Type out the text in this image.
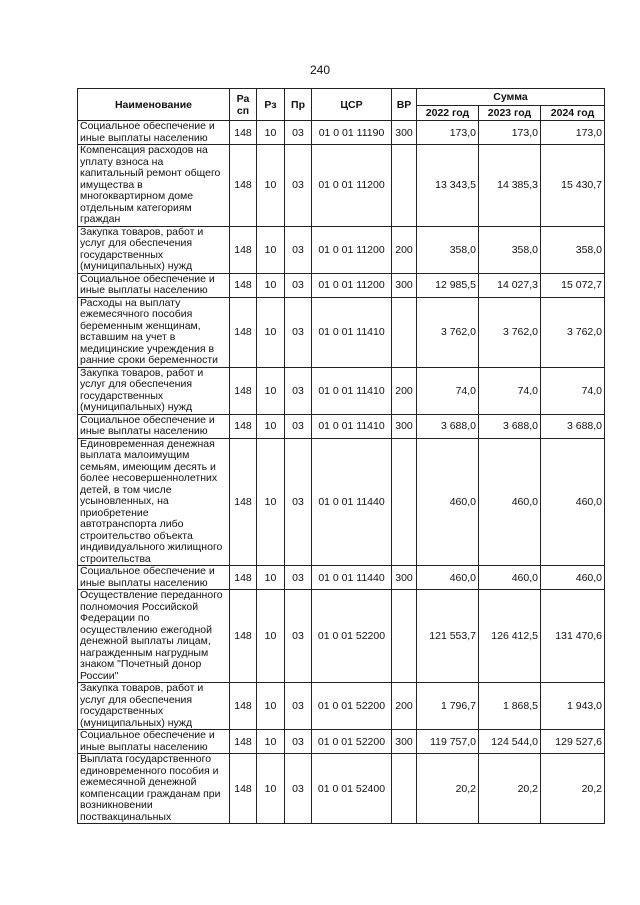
240
Наименование	Ра сп	Рз	Пр	ЦСР	ВР	Сумма		
						2022 год	2023 год	2024 год
Социальное обеспечение и иные выплаты населению	148	10	03	01 0 01 11190	300	173,0	173,0	173,0
Компенсация расходов на уплату взноса на капитальный ремонт общего имущества в многоквартирном доме отдельным категориям граждан	148	10	03	01 0 01 11200		13 343,5	14 385,3	15 430,7
Закупка товаров, работ и услуг для обеспечения государственных (муниципальных) нужд	148	10	03	01 0 01 11200	200	358,0	358,0	358,0
Социальное обеспечение и иные выплаты населению	148	10	03	01 0 01 11200	300	12 985,5	14 027,3	15 072,7
Расходы на выплату ежемесячного пособия беременным женщинам, вставшим на учет в медицинские учреждения в ранние сроки беременности	148	10	03	01 0 01 11410		3 762,0	3 762,0	3 762,0
Закупка товаров, работ и услуг для обеспечения государственных (муниципальных) нужд	148	10	03	01 0 01 11410	200	74,0	74,0	74,0
Социальное обеспечение и иные выплаты населению	148	10	03	01 0 01 11410	300	3 688,0	3 688,0	3 688,0
Единовременная денежная выплата малоимущим семьям, имеющим десять и более несовершеннолетних детей, в том числе усыновленных, на приобретение автотранспорта либо строительство объекта индивидуального жилищного строительства	148	10	03	01 0 01 11440		460,0	460,0	460,0
Социальное обеспечение и иные выплаты населению	148	10	03	01 0 01 11440	300	460,0	460,0	460,0
Осуществление переданного полномочия Российской Федерации по осуществлению ежегодной денежной выплаты лицам, награжденным нагрудным знаком "Почетный донор России"	148	10	03	01 0 01 52200		121 553,7	126 412,5	131 470,6
Закупка товаров, работ и услуг для обеспечения государственных (муниципальных) нужд	148	10	03	01 0 01 52200	200	1 796,7	1 868,5	1 943,0
Социальное обеспечение и иные выплаты населению	148	10	03	01 0 01 52200	300	119 757,0	124 544,0	129 527,6
Выплата государственного единовременного пособия и ежемесячной денежной компенсации гражданам при возникновении поствакцинальных	148	10	03	01 0 01 52400		20,2	20,2	20,2
